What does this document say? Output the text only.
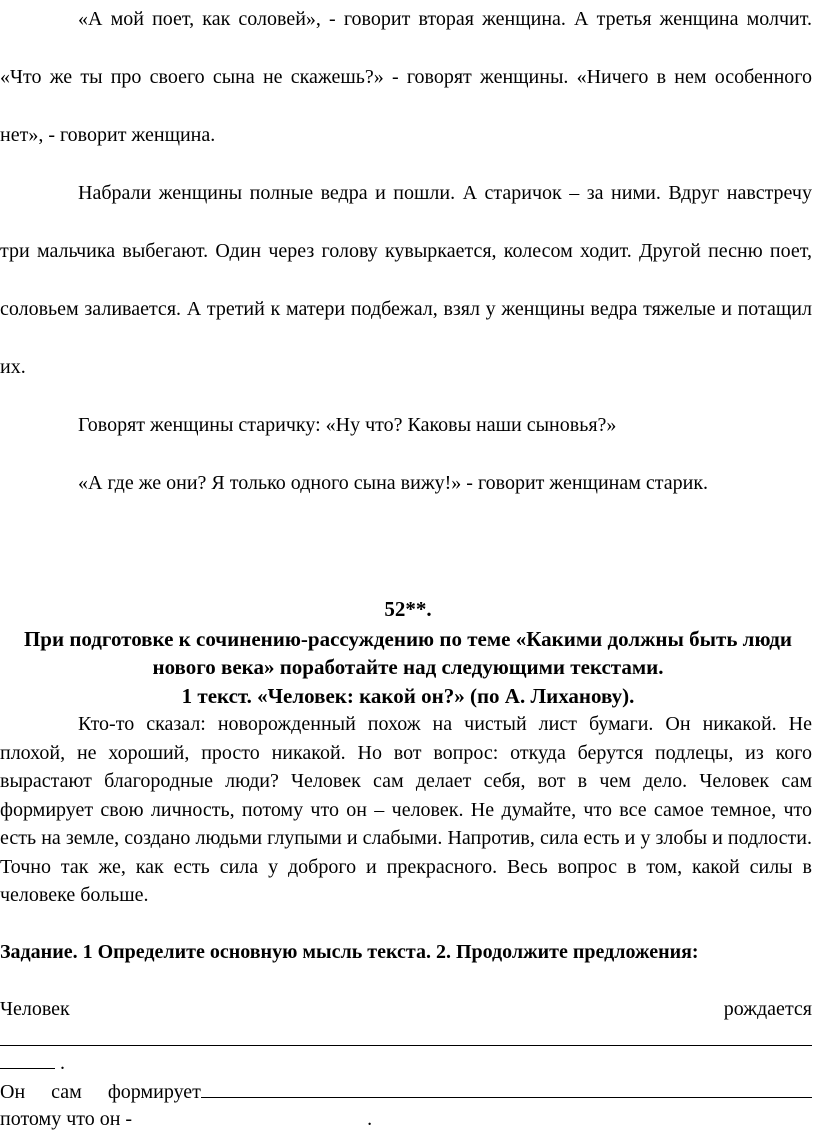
«А мой поет, как соловей», - говорит вторая женщина. А третья женщина молчит. «Что же ты про своего сына не скажешь?» - говорят женщины. «Ничего в нем особенного нет», - говорит женщина.

Набрали женщины полные ведра и пошли. А старичок – за ними. Вдруг навстречу три мальчика выбегают. Один через голову кувыркается, колесом ходит. Другой песню поет, соловьем заливается. А третий к матери подбежал, взял у женщины ведра тяжелые и потащил их.

Говорят женщины старичку: «Ну что? Каковы наши сыновья?»

«А где же они? Я только одного сына вижу!» - говорит женщинам старик.

52**.
При подготовке к сочинению-рассуждению по теме «Какими должны быть люди нового века» поработайте над следующими текстами.
1 текст. «Человек: какой он?» (по А. Лиханову).

Кто-то сказал: новорожденный похож на чистый лист бумаги. Он никакой. Не плохой, не хороший, просто никакой. Но вот вопрос: откуда берутся подлецы, из кого вырастают благородные люди? Человек сам делает себя, вот в чем дело. Человек сам формирует свою личность, потому что он – человек. Не думайте, что все самое темное, что есть на земле, создано людьми глупыми и слабыми. Напротив, сила есть и у злобы и подлости. Точно так же, как есть сила у доброго и прекрасного. Весь вопрос в том, какой силы в человеке больше.

Задание. 1 Определите основную мысль текста. 2. Продолжите предложения:
Человек	рождается
.
Он сам формирует
потому что он -	.
